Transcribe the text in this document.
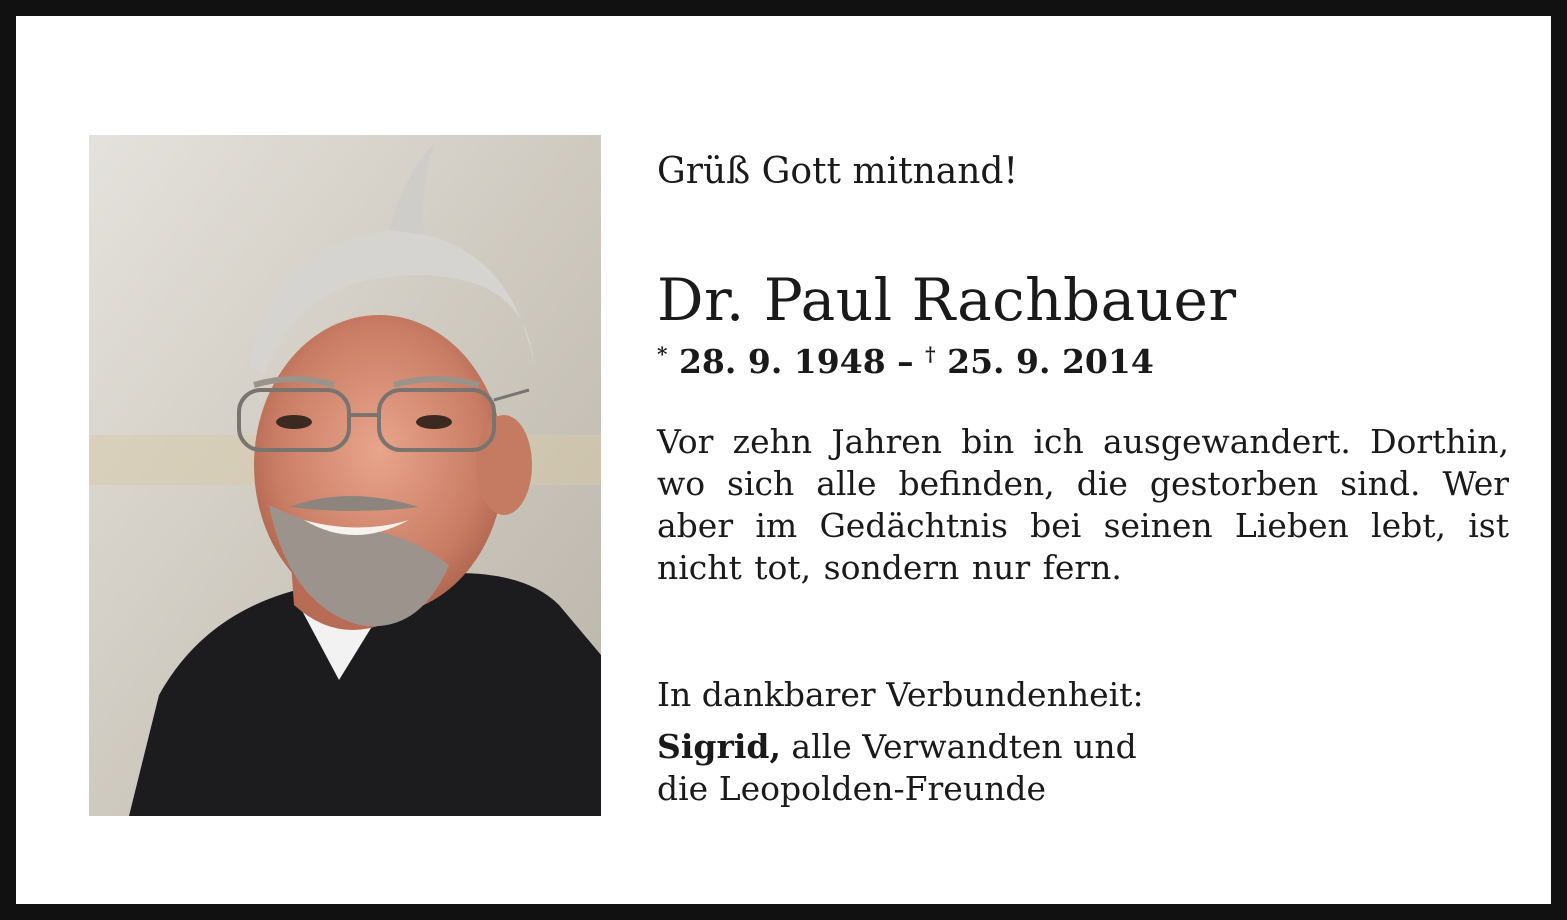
Grüß Gott mitnand!
Dr. Paul Rachbauer
* 28. 9. 1948 – † 25. 9. 2014

Vor zehn Jahren bin ich ausgewandert. Dorthin, wo sich alle befinden, die gestorben sind. Wer aber im Gedächtnis bei seinen Lieben lebt, ist nicht tot, sondern nur fern.

In dankbarer Verbundenheit:
Sigrid, alle Verwandten und
die Leopolden-Freunde
